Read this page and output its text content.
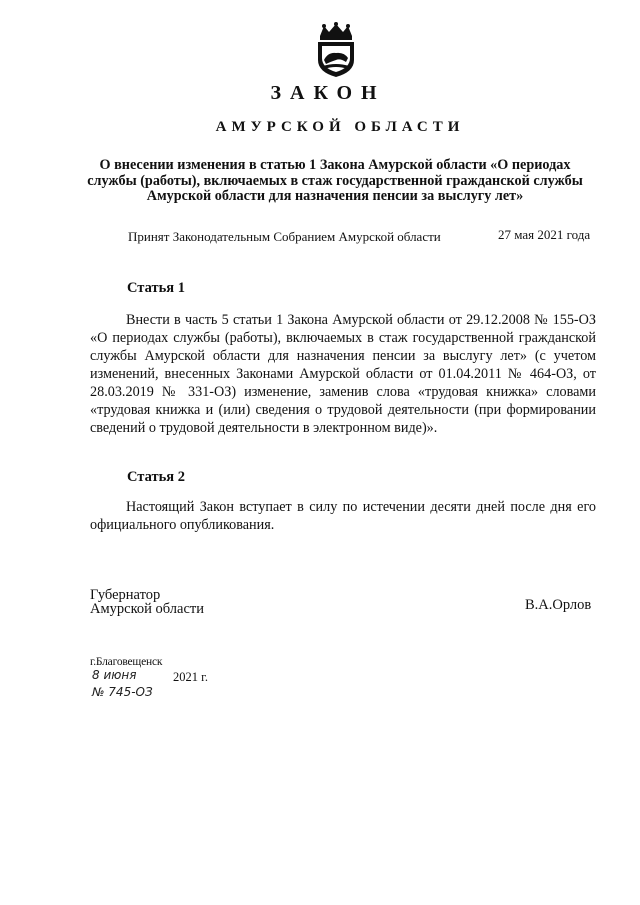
ЗАКОН
АМУРСКОЙ ОБЛАСТИ
О внесении изменения в статью 1 Закона Амурской области «О периодах службы (работы), включаемых в стаж государственной гражданской службы Амурской области для назначения пенсии за выслугу лет»
Принят Законодательным Собранием Амурской области	27 мая 2021 года
Статья 1
Внести в часть 5 статьи 1 Закона Амурской области от 29.12.2008 № 155-ОЗ «О периодах службы (работы), включаемых в стаж государственной гражданской службы Амурской области для назначения пенсии за выслугу лет» (с учетом изменений, внесенных Законами Амурской области от 01.04.2011 № 464-ОЗ, от 28.03.2019 № 331-ОЗ) изменение, заменив слова «трудовая книжка» словами «трудовая книжка и (или) сведения о трудовой деятельности (при формировании сведений о трудовой деятельности в электронном виде)».
Статья 2
Настоящий Закон вступает в силу по истечении десяти дней после дня его официального опубликования.
Губернатор
Амурской области	В.А.Орлов
г.Благовещенск
8 июня	2021 г.
№ 745-ОЗ
